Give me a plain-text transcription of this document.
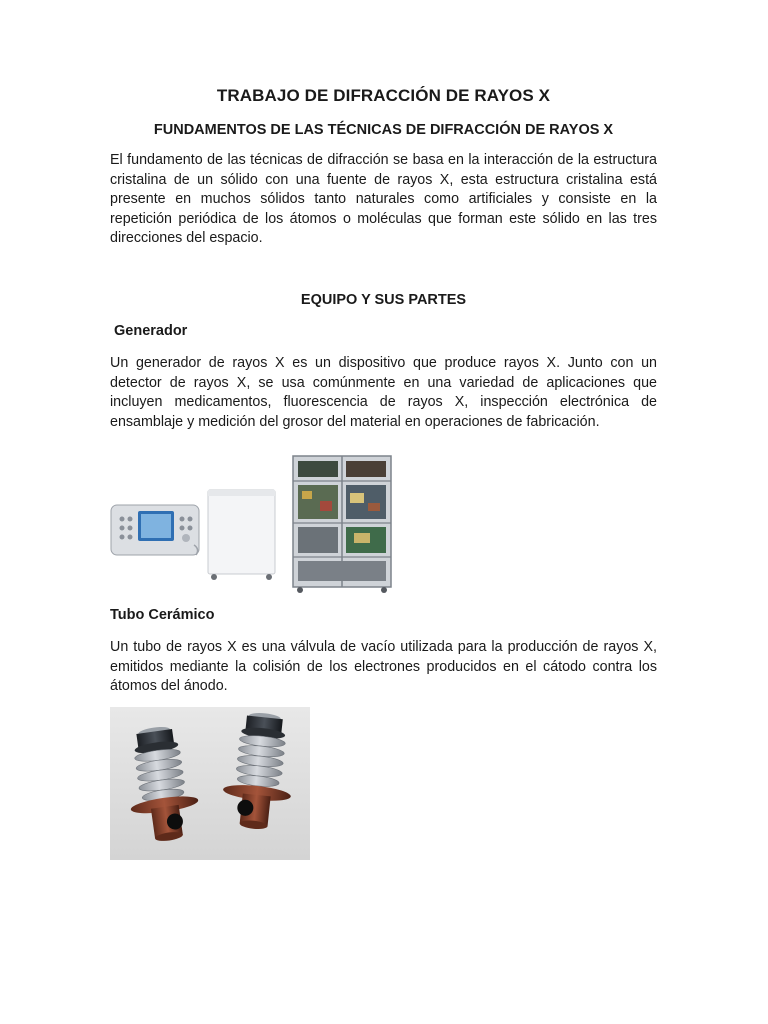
TRABAJO DE DIFRACCIÓN DE RAYOS X
FUNDAMENTOS DE LAS TÉCNICAS DE DIFRACCIÓN DE RAYOS X

El fundamento de las técnicas de difracción se basa en la interacción de la estructura cristalina de un sólido con una fuente de rayos X, esta estructura cristalina está presente en muchos sólidos tanto naturales como artificiales y consiste en la repetición periódica de los átomos o moléculas que forman este sólido en las tres direcciones del espacio.

EQUIPO Y SUS PARTES
Generador

Un generador de rayos X es un dispositivo que produce rayos X. Junto con un detector de rayos X, se usa comúnmente en una variedad de aplicaciones que incluyen medicamentos, fluorescencia de rayos X, inspección electrónica de ensamblaje y medición del grosor del material en operaciones de fabricación.

Tubo Cerámico

Un tubo de rayos X es una válvula de vacío utilizada para la producción de rayos X, emitidos mediante la colisión de los electrones producidos en el cátodo contra los átomos del ánodo.
